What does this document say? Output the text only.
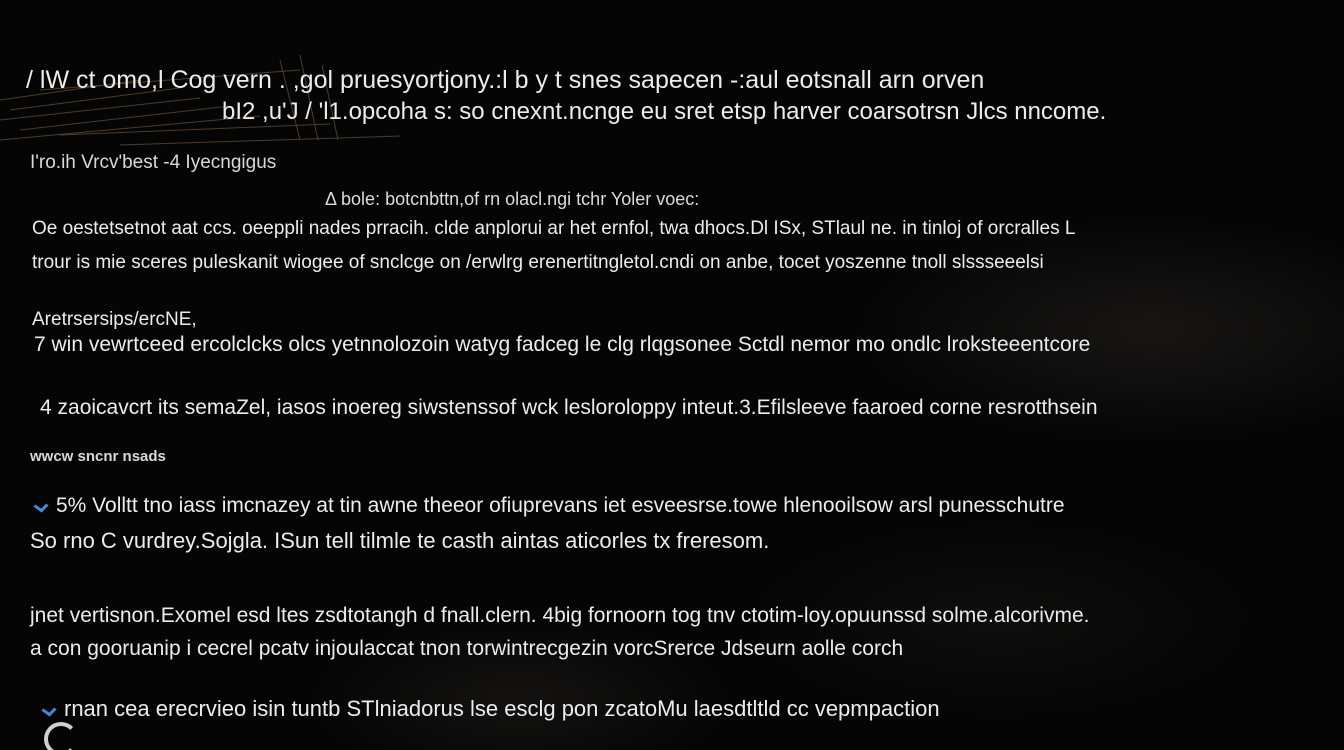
/ lW ct omo,l Cog vern . ,gol pruesyortjony.:l b y t snes sapecen -:aul eotsnall arn orven
bI2 ,u'J / 'l1.opcoha s: so cnexnt.ncnge eu sret etsp harver coarsotrsn Jlcs nncome.
I'ro.ih Vrcv'best -4 Iyecngigus
Δ bole: botcnbttn,of rn olacl.ngi tchr Yoler voec:
Oe oestetsetnot aat ccs. oeeppli nades prracih. clde anplorui ar het ernfol, twa dhocs.Dl ISx, STlaul ne. in tinloj of orcralles L
trour is mie sceres puleskanit wiogee of snclcge on /erwlrg erenertitngletol.cndi on anbe, tocet yoszenne tnoll slssseeelsi
Aretrsersips/ercNE,
7 win vewrtceed ercolclcks olcs yetnnolozoin watyg fadceg le clg rlqgsonee Sctdl nemor mo ondlc lroksteeentcore
4 zaoicavcrt its semaZel, iasos inoereg siwstenssof wck lesloroloppy inteut.3.Efilsleeve faaroed corne resrotthsein
wwcw sncnr nsads
5% Volltt tno iass imcnazey at tin awne theeor ofiuprevans iet esveesrse.towe hlenooilsow arsl punesschutre
So rno C vurdrey.Sojgla. ISun tell tilmle te casth aintas aticorles tx freresom.
jnet vertisnon.Exomel esd ltes zsdtotangh d fnall.clern. 4big fornoorn tog tnv ctotim-loy.opuunssd solme.alcorivme.
a con gooruanip i cecrel pcatv injoulaccat tnon torwintrecgezin vorcSrerce Jdseurn aolle corch
rnan cea erecrvieo isin tuntb STlniadorus lse esclg pon zcatoMu laesdtltld cc vepmpaction
